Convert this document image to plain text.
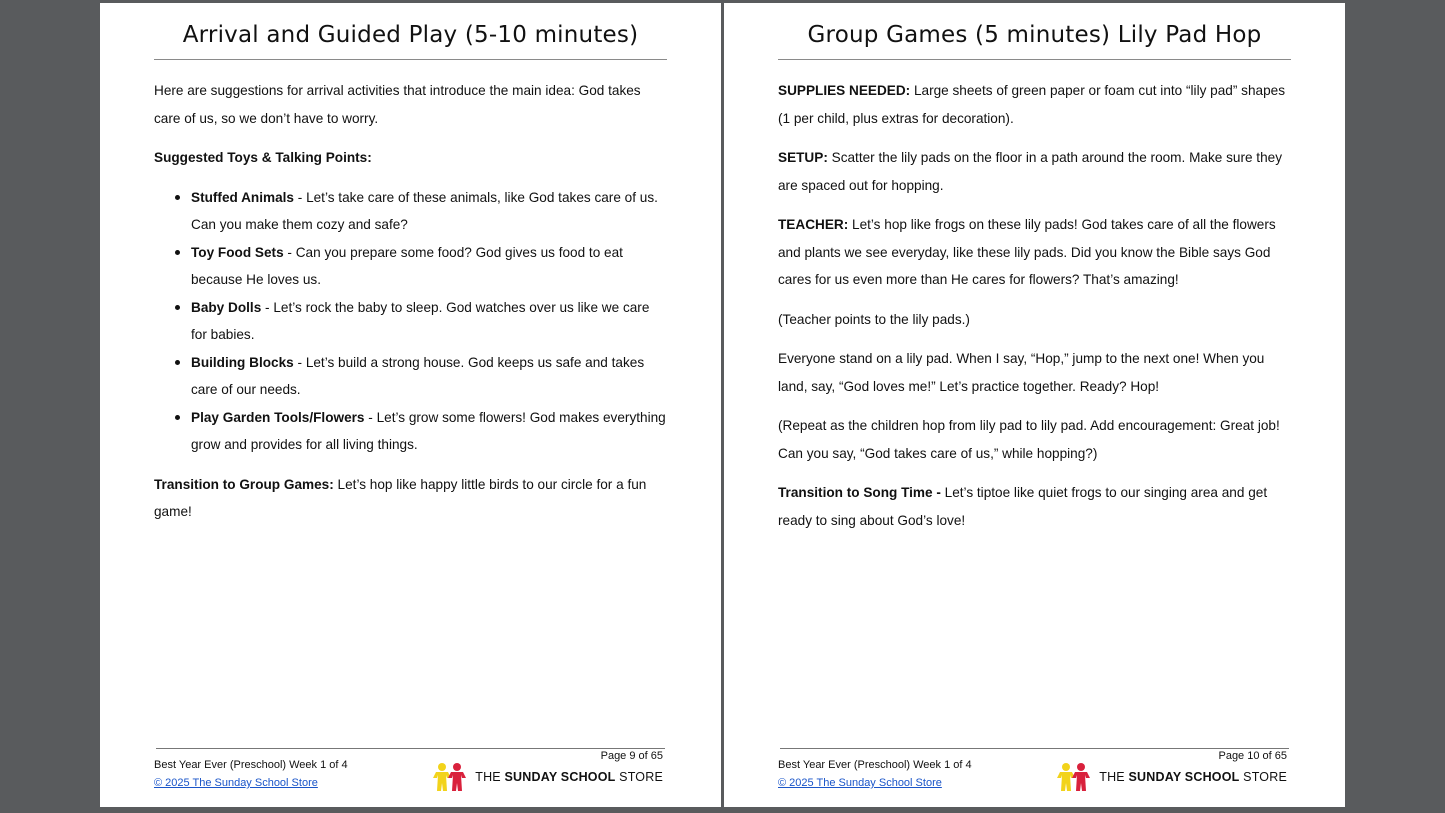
Arrival and Guided Play (5-10 minutes)

Here are suggestions for arrival activities that introduce the main idea: God takes care of us, so we don’t have to worry.

Suggested Toys & Talking Points:

Stuffed Animals - Let’s take care of these animals, like God takes care of us. Can you make them cozy and safe?
Toy Food Sets - Can you prepare some food? God gives us food to eat because He loves us.
Baby Dolls - Let’s rock the baby to sleep. God watches over us like we care for babies.
Building Blocks - Let’s build a strong house. God keeps us safe and takes care of our needs.
Play Garden Tools/Flowers - Let’s grow some flowers! God makes everything grow and provides for all living things.

Transition to Group Games: Let’s hop like happy little birds to our circle for a fun game!

Page 9 of 65
Best Year Ever (Preschool) Week 1 of 4
© 2025 The Sunday School Store	THE SUNDAY SCHOOL STORE
Group Games (5 minutes) Lily Pad Hop

SUPPLIES NEEDED: Large sheets of green paper or foam cut into “lily pad” shapes (1 per child, plus extras for decoration).

SETUP: Scatter the lily pads on the floor in a path around the room. Make sure they are spaced out for hopping.

TEACHER: Let’s hop like frogs on these lily pads! God takes care of all the flowers and plants we see everyday, like these lily pads. Did you know the Bible says God cares for us even more than He cares for flowers? That’s amazing!

(Teacher points to the lily pads.)

Everyone stand on a lily pad. When I say, “Hop,” jump to the next one! When you land, say, “God loves me!” Let’s practice together. Ready? Hop!

(Repeat as the children hop from lily pad to lily pad. Add encouragement: Great job! Can you say, “God takes care of us,” while hopping?)

Transition to Song Time - Let’s tiptoe like quiet frogs to our singing area and get ready to sing about God’s love!

Page 10 of 65
Best Year Ever (Preschool) Week 1 of 4
© 2025 The Sunday School Store	THE SUNDAY SCHOOL STORE
